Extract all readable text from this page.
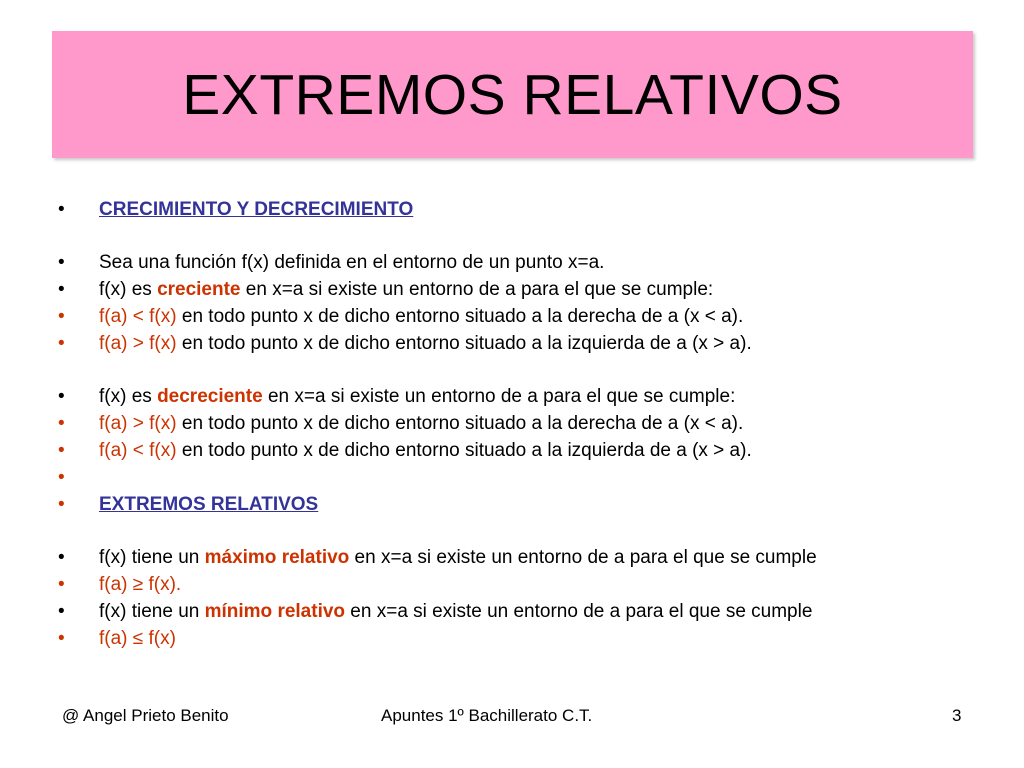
EXTREMOS RELATIVOS
• CRECIMIENTO Y DECRECIMIENTO
• Sea una función f(x) definida en el entorno de un punto x=a.
• f(x) es creciente en x=a si existe un entorno de a para el que se cumple:
• f(a) < f(x) en todo punto x de dicho entorno situado a la derecha de a (x < a).
• f(a) > f(x) en todo punto x de dicho entorno situado a la izquierda de a (x > a).
• f(x) es decreciente en x=a si existe un entorno de a para el que se cumple:
• f(a) > f(x) en todo punto x de dicho entorno situado a la derecha de a (x < a).
• f(a) < f(x) en todo punto x de dicho entorno situado a la izquierda de a (x > a).
•
• EXTREMOS RELATIVOS
• f(x) tiene un máximo relativo en x=a si existe un entorno de a para el que se cumple
• f(a) ≥ f(x).
• f(x) tiene un mínimo relativo en x=a si existe un entorno de a para el que se cumple
• f(a) ≤ f(x)
@ Angel Prieto Benito	Apuntes 1º Bachillerato C.T.	3
